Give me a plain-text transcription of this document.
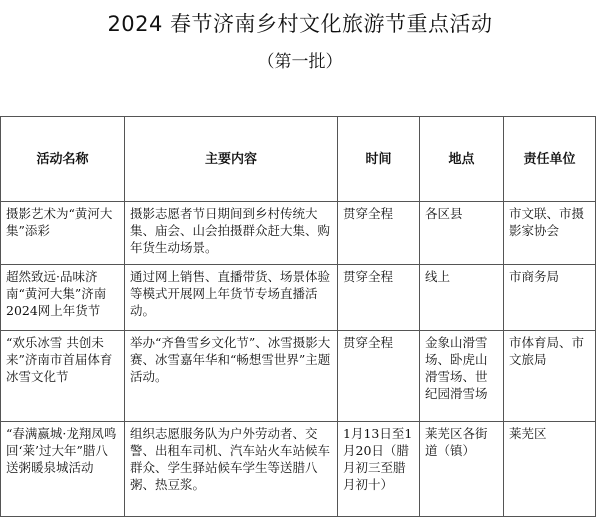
2024 春节济南乡村文化旅游节重点活动
（第一批）
活动名称	主要内容	时间	地点	责任单位
摄影艺术为“黄河大集”添彩	摄影志愿者节日期间到乡村传统大集、庙会、山会拍摄群众赶大集、购年货生动场景。	贯穿全程	各区县	市文联、市摄影家协会
超然致远·品味济南“黄河大集”济南2024网上年货节	通过网上销售、直播带货、场景体验等模式开展网上年货节专场直播活动。	贯穿全程	线上	市商务局
“欢乐冰雪 共创未来”济南市首届体育冰雪文化节	举办“齐鲁雪乡文化节”、冰雪摄影大赛、冰雪嘉年华和“畅想雪世界”主题活动。	贯穿全程	金象山滑雪场、卧虎山滑雪场、世纪园滑雪场	市体育局、市文旅局
“春满嬴城·龙翔凤鸣 回‘莱’过大年”腊八送粥暖泉城活动	组织志愿服务队为户外劳动者、交警、出租车司机、汽车站火车站候车群众、学生驿站候车学生等送腊八粥、热豆浆。	1月13日至1月20日（腊月初三至腊月初十）	莱芜区各街道（镇）	莱芜区
